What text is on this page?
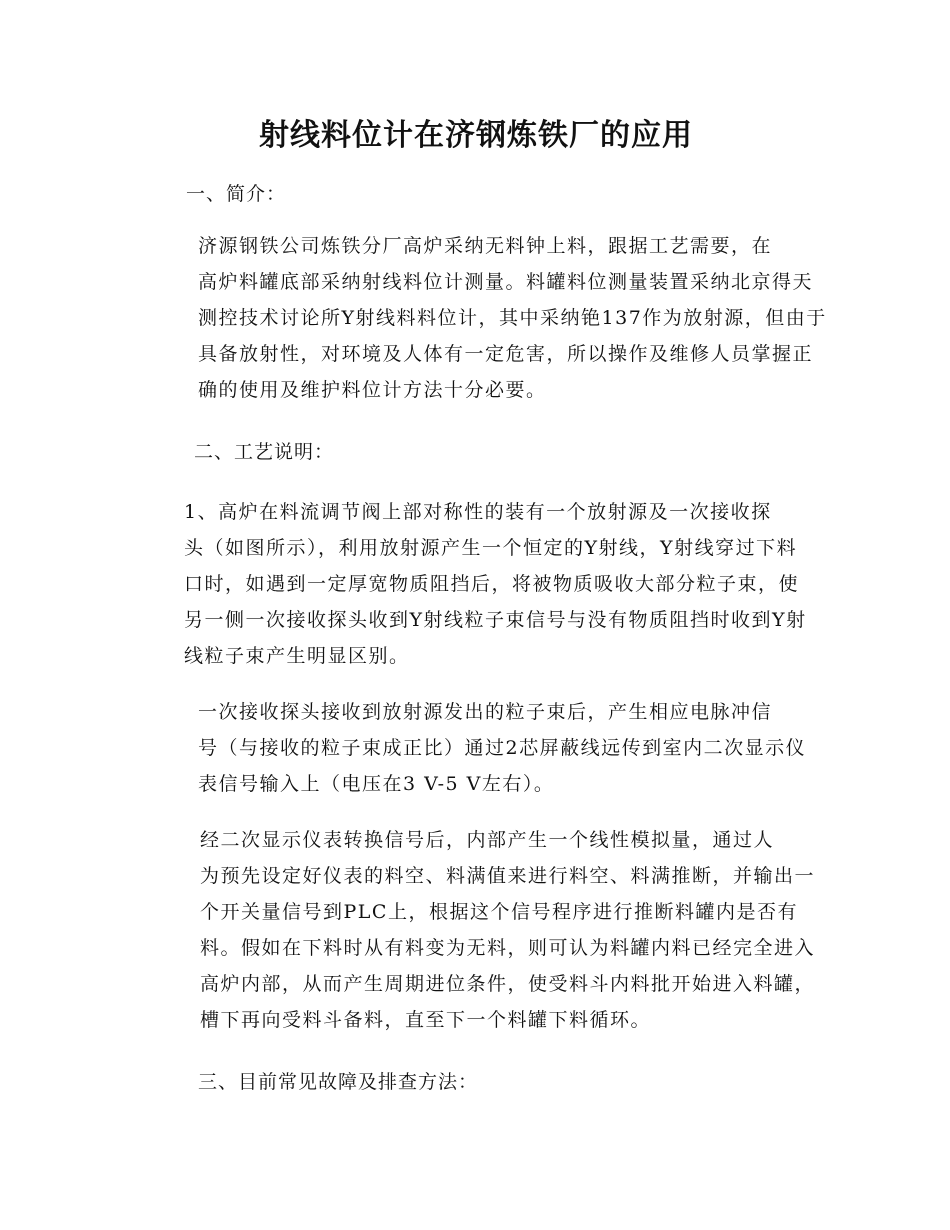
射线料位计在济钢炼铁厂的应用

一、简介：

济源钢铁公司炼铁分厂高炉采纳无料钟上料，跟据工艺需要，在
高炉料罐底部采纳射线料位计测量。料罐料位测量装置采纳北京得天
测控技术讨论所Y射线料料位计，其中采纳铯137作为放射源，但由于
具备放射性，对环境及人体有一定危害，所以操作及维修人员掌握正
确的使用及维护料位计方法十分必要。

二、工艺说明：

1、高炉在料流调节阀上部对称性的装有一个放射源及一次接收探
头（如图所示），利用放射源产生一个恒定的Y射线，Y射线穿过下料
口时，如遇到一定厚宽物质阻挡后，将被物质吸收大部分粒子束，使
另一侧一次接收探头收到Y射线粒子束信号与没有物质阻挡时收到Y射
线粒子束产生明显区别。

一次接收探头接收到放射源发出的粒子束后，产生相应电脉冲信
号（与接收的粒子束成正比）通过2芯屏蔽线远传到室内二次显示仪
表信号输入上（电压在3 V-5 V左右）。

经二次显示仪表转换信号后，内部产生一个线性模拟量，通过人
为预先设定好仪表的料空、料满值来进行料空、料满推断，并输出一
个开关量信号到PLC上，根据这个信号程序进行推断料罐内是否有
料。假如在下料时从有料变为无料，则可认为料罐内料已经完全进入
高炉内部，从而产生周期进位条件，使受料斗内料批开始进入料罐，
槽下再向受料斗备料，直至下一个料罐下料循环。

三、目前常见故障及排查方法：
